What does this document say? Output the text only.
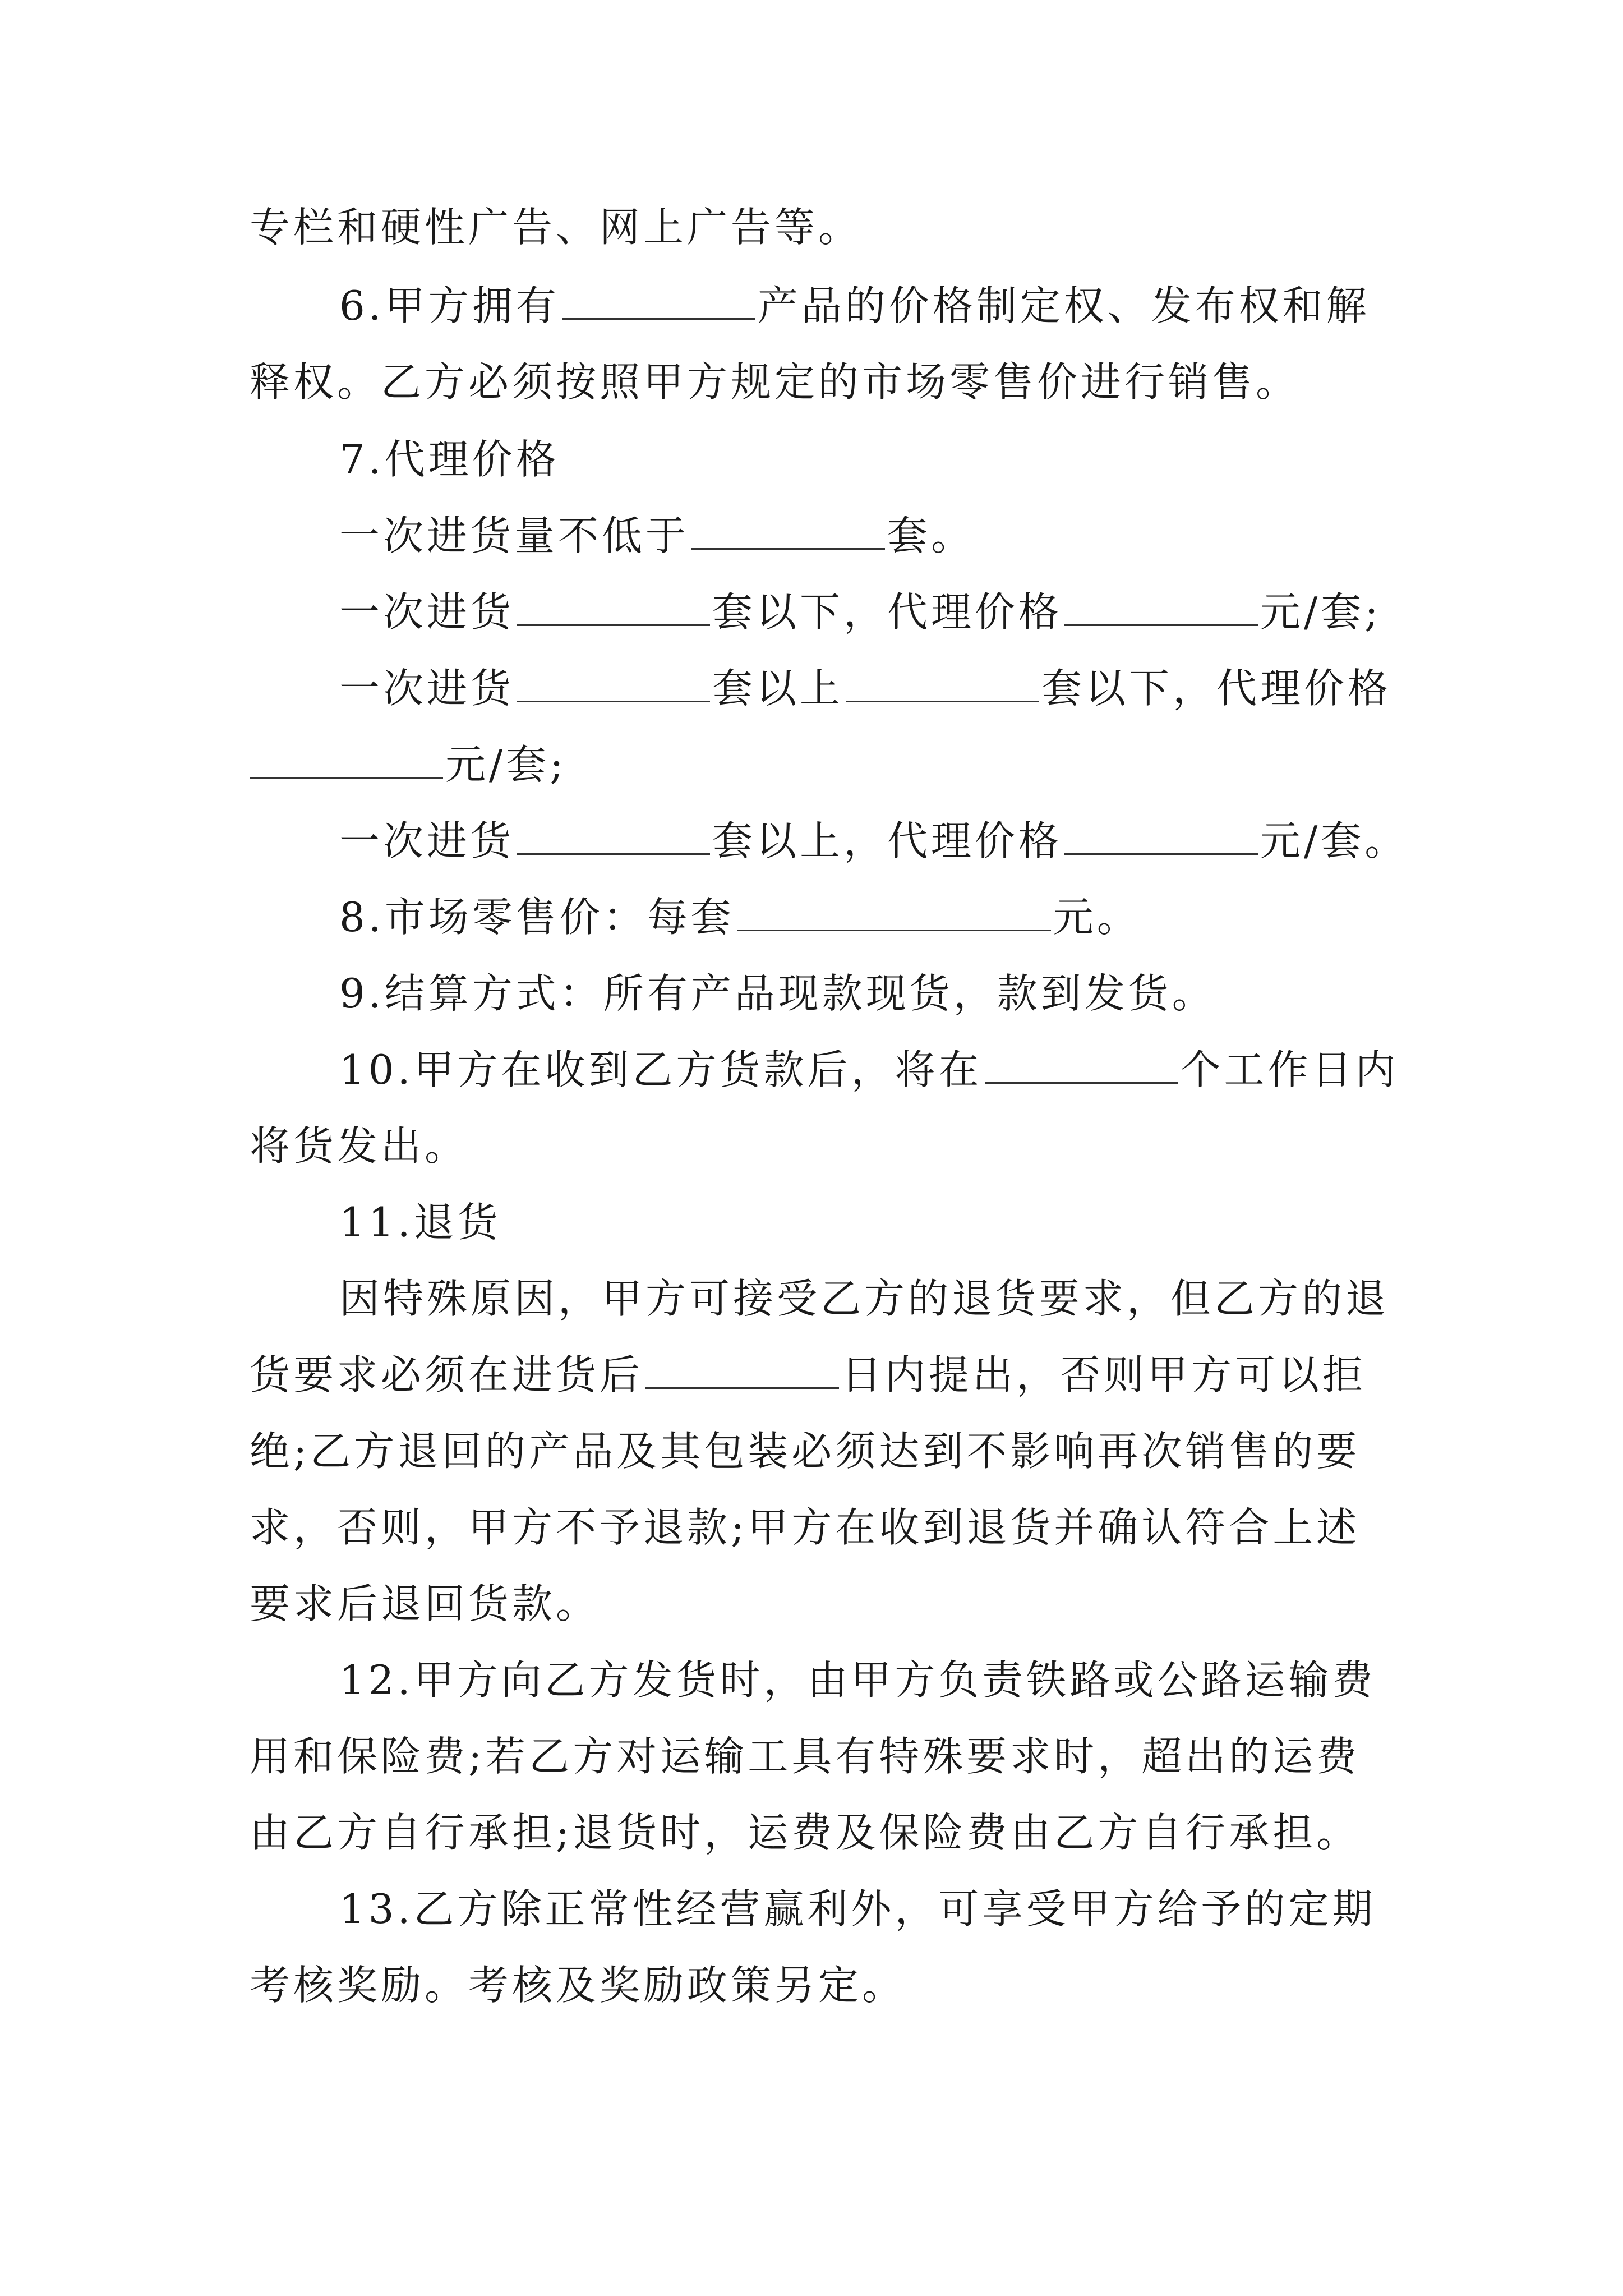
专栏和硬性广告、网上广告等。
6.甲方拥有	产品的价格制定权、发布权和解
释权。乙方必须按照甲方规定的市场零售价进行销售。
7.代理价格
一次进货量不低于	套。
一次进货	套以下，代理价格	元/套;
一次进货	套以上	套以下，代理价格
元/套;
一次进货	套以上，代理价格	元/套。
8.市场零售价：每套	元。
9.结算方式：所有产品现款现货，款到发货。
10.甲方在收到乙方货款后，将在	个工作日内
将货发出。
11.退货
因特殊原因，甲方可接受乙方的退货要求，但乙方的退
货要求必须在进货后	日内提出，否则甲方可以拒
绝;乙方退回的产品及其包装必须达到不影响再次销售的要
求，否则，甲方不予退款;甲方在收到退货并确认符合上述
要求后退回货款。
12.甲方向乙方发货时，由甲方负责铁路或公路运输费
用和保险费;若乙方对运输工具有特殊要求时，超出的运费
由乙方自行承担;退货时，运费及保险费由乙方自行承担。
13.乙方除正常性经营赢利外，可享受甲方给予的定期
考核奖励。考核及奖励政策另定。
